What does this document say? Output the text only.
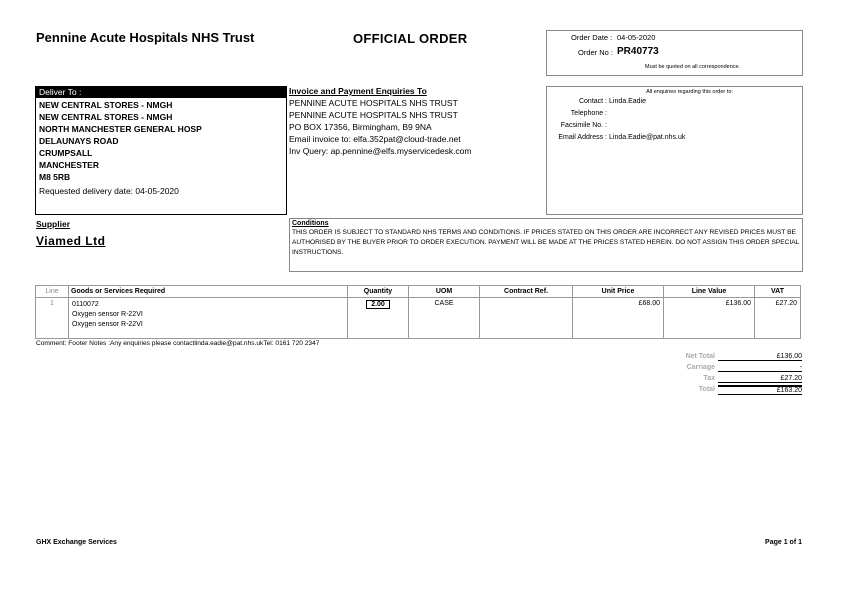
Pennine Acute Hospitals NHS Trust	OFFICIAL ORDER	Order Date : 04-05-2020
Order No : PR40773
Must be quoted on all correspondence.
Deliver To :
NEW CENTRAL STORES - NMGH
NEW CENTRAL STORES - NMGH
NORTH MANCHESTER GENERAL HOSP
DELAUNAYS ROAD
CRUMPSALL
MANCHESTER
M8 5RB
Requested delivery date: 04-05-2020
Invoice and Payment Enquiries To
PENNINE ACUTE HOSPITALS NHS TRUST
PENNINE ACUTE HOSPITALS NHS TRUST
PO BOX 17356, Birmingham, B9 9NA
Email invoice to: elfa.352pat@cloud-trade.net
Inv Query: ap.pennine@elfs.myservicedesk.com
All enquiries regarding this order to:
Contact : Linda.Eadie
Telephone :
Facsimile No. :
Email Address : Linda.Eadie@pat.nhs.uk
Supplier
Viamed Ltd
Conditions
THIS ORDER IS SUBJECT TO STANDARD NHS TERMS AND CONDITIONS. IF PRICES STATED ON THIS ORDER ARE INCORRECT ANY REVISED PRICES MUST BE AUTHORISED BY THE BUYER PRIOR TO ORDER EXECUTION. PAYMENT WILL BE MADE AT THE PRICES STATED HEREIN. DO NOT ASSIGN THIS ORDER SPECIAL INSTRUCTIONS.
Line	Goods or Services Required	Quantity	UOM	Contract Ref.	Unit Price	Line Value	VAT
1	0110072
Oxygen sensor R-22VI
Oxygen sensor R-22VI	2.00	CASE		£68.00	£136.00	£27.20
Comment: Footer Notes :Any enquiries please contactlinda.eadie@pat.nhs.ukTel: 0161 720 2347
Net Total	£136.00
Carriage	-
Tax	£27.20
Total	£163.20
GHX Exchange Services	Page 1 of 1
